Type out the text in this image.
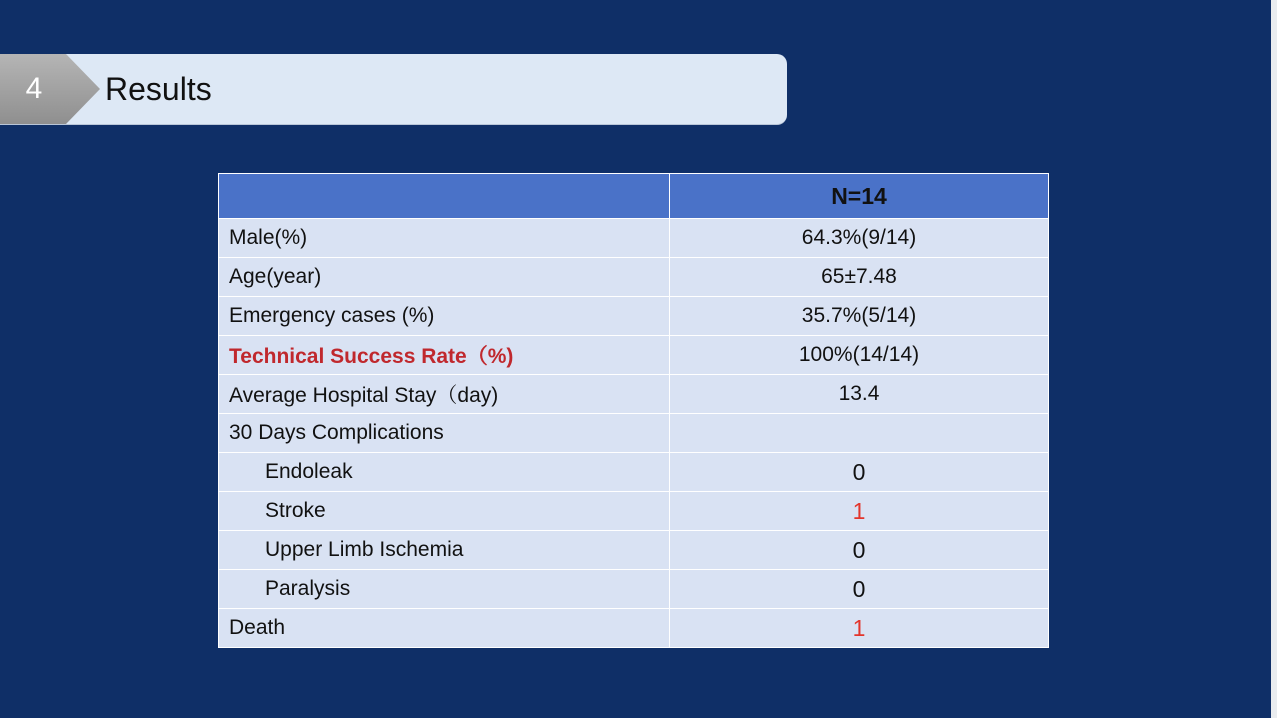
4	Results
	N=14
Male(%)	64.3%(9/14)
Age(year)	65±7.48
Emergency cases (%)	35.7%(5/14)
Technical Success Rate（%)	100%(14/14)
Average Hospital Stay（day)	13.4
30 Days Complications	
Endoleak	0
Stroke	1
Upper Limb Ischemia	0
Paralysis	0
Death	1
